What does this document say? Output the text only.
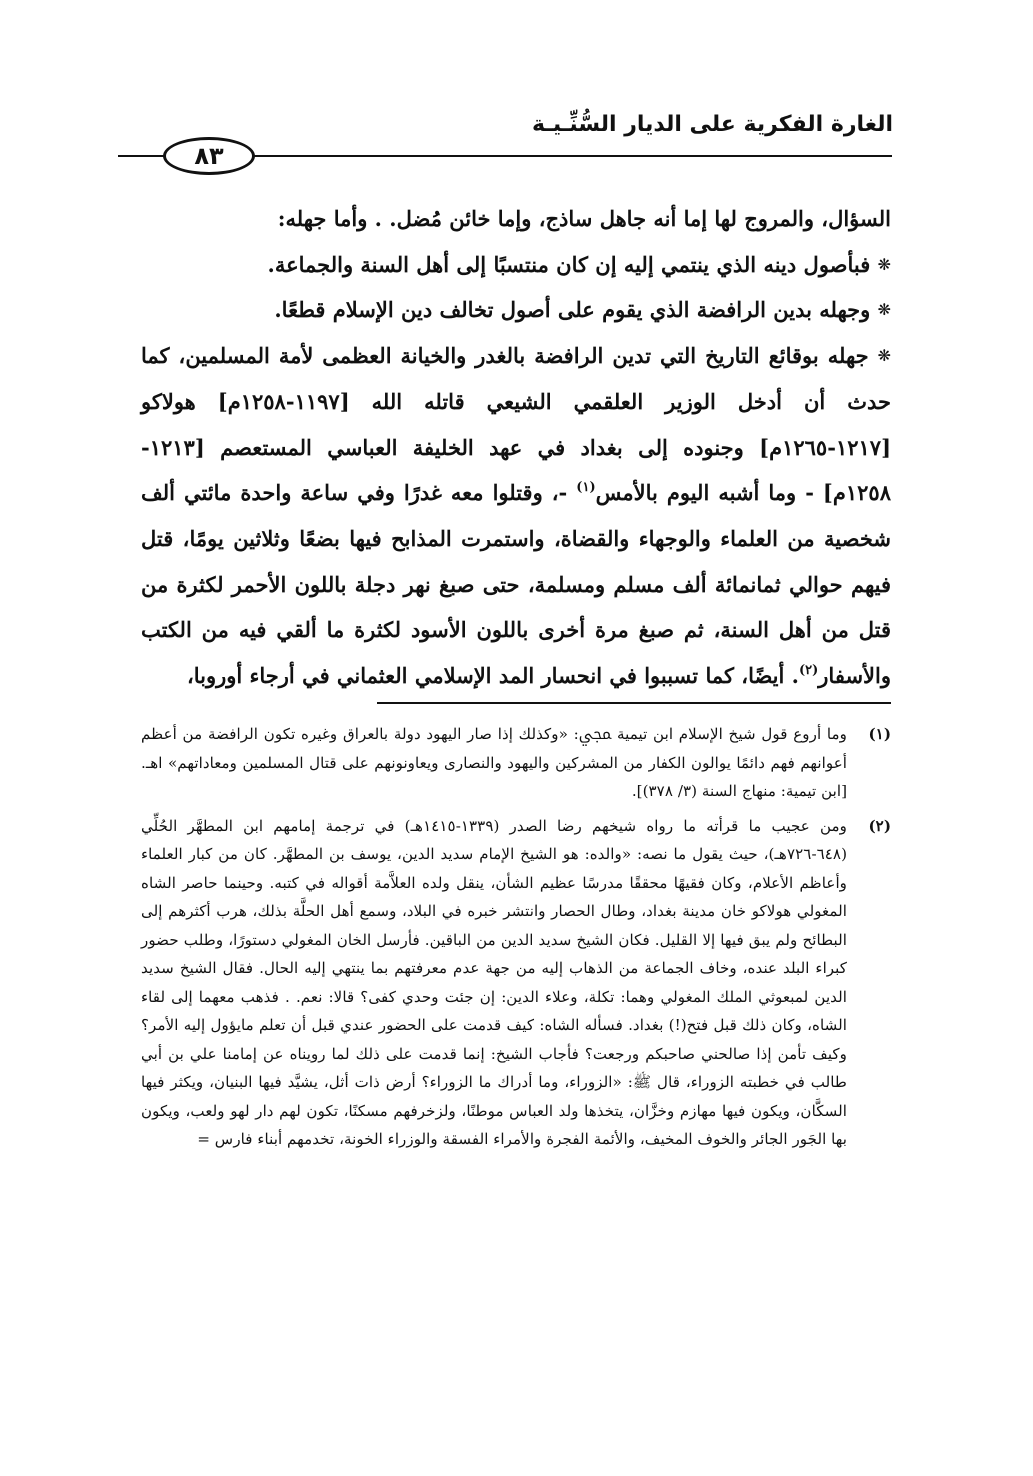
الغارة الفكرية على الديار السُّنِّـيـة
٨٣

السؤال، والمروج لها إما أنه جاهل ساذج، وإما خائن مُضل. . وأما جهله:

❋ فبأصول دينه الذي ينتمي إليه إن كان منتسبًا إلى أهل السنة والجماعة.

❋ وجهله بدين الرافضة الذي يقوم على أصول تخالف دين الإسلام قطعًا.

❋ جهله بوقائع التاريخ التي تدين الرافضة بالغدر والخيانة العظمى لأمة المسلمين، كما حدث أن أدخل الوزير العلقمي الشيعي قاتله الله [١١٩٧-١٢٥٨م] هولاكو [١٢١٧-١٢٦٥م] وجنوده إلى بغداد في عهد الخليفة العباسي المستعصم [١٢١٣- ١٢٥٨م] - وما أشبه اليوم بالأمس$^{(١)}$ -، وقتلوا معه غدرًا وفي ساعة واحدة مائتي ألف شخصية من العلماء والوجهاء والقضاة، واستمرت المذابح فيها بضعًا وثلاثين يومًا، قتل فيهم حوالي ثمانمائة ألف مسلم ومسلمة، حتى صبغ نهر دجلة باللون الأحمر لكثرة من قتل من أهل السنة، ثم صبغ مرة أخرى باللون الأسود لكثرة ما ألقي فيه من الكتب والأسفار$^{(٢)}$. أيضًا، كما تسببوا في انحسار المد الإسلامي العثماني في أرجاء أوروبا،

(١)
وما أروع قول شيخ الإسلام ابن تيمية ﷀ: «وكذلك إذا صار اليهود دولة بالعراق وغيره تكون الرافضة من أعظم أعوانهم فهم دائمًا يوالون الكفار من المشركين واليهود والنصارى ويعاونونهم على قتال المسلمين ومعاداتهم» اهـ. [ابن تيمية: منهاج السنة (٣/ ٣٧٨)].

(٢)
ومن عجيب ما قرأته ما رواه شيخهم رضا الصدر (١٣٣٩-١٤١٥هـ) في ترجمة إمامهم ابن المطهَّر الحُلِّي (٦٤٨-٧٢٦هـ)، حيث يقول ما نصه: «والده: هو الشيخ الإمام سديد الدين، يوسف بن المطهَّر. كان من كبار العلماء وأعاظم الأعلام، وكان فقيهًا محققًا مدرسًا عظيم الشأن، ينقل ولده العلاَّمة أقواله في كتبه. وحينما حاصر الشاه المغولي هولاكو خان مدينة بغداد، وطال الحصار وانتشر خبره في البلاد، وسمع أهل الحلَّة بذلك، هرب أكثرهم إلى البطائح ولم يبق فيها إلا القليل. فكان الشيخ سديد الدين من الباقين. فأرسل الخان المغولي دستورًا، وطلب حضور كبراء البلد عنده، وخاف الجماعة من الذهاب إليه من جهة عدم معرفتهم بما ينتهي إليه الحال. فقال الشيخ سديد الدين لمبعوثي الملك المغولي وهما: تكلة، وعلاء الدين: إن جئت وحدي كفى؟ قالا: نعم. . فذهب معهما إلى لقاء الشاه، وكان ذلك قبل فتح(!) بغداد. فسأله الشاه: كيف قدمت على الحضور عندي قبل أن تعلم مايؤول إليه الأمر؟ وكيف تأمن إذا صالحني صاحبكم ورجعت؟ فأجاب الشيخ: إنما قدمت على ذلك لما رويناه عن إمامنا علي بن أبي طالب في خطبته الزوراء، قال ﷺ: «الزوراء، وما أدراك ما الزوراء؟ أرض ذات أثل، يشيَّد فيها البنيان، ويكثر فيها السكَّان، ويكون فيها مهازم وخزَّان، يتخذها ولد العباس موطنًا، ولزخرفهم مسكنًا، تكون لهم دار لهو ولعب، ويكون بها الجَور الجائر والخوف المخيف، والأئمة الفجرة والأمراء الفسقة والوزراء الخونة، تخدمهم أبناء فارس =
